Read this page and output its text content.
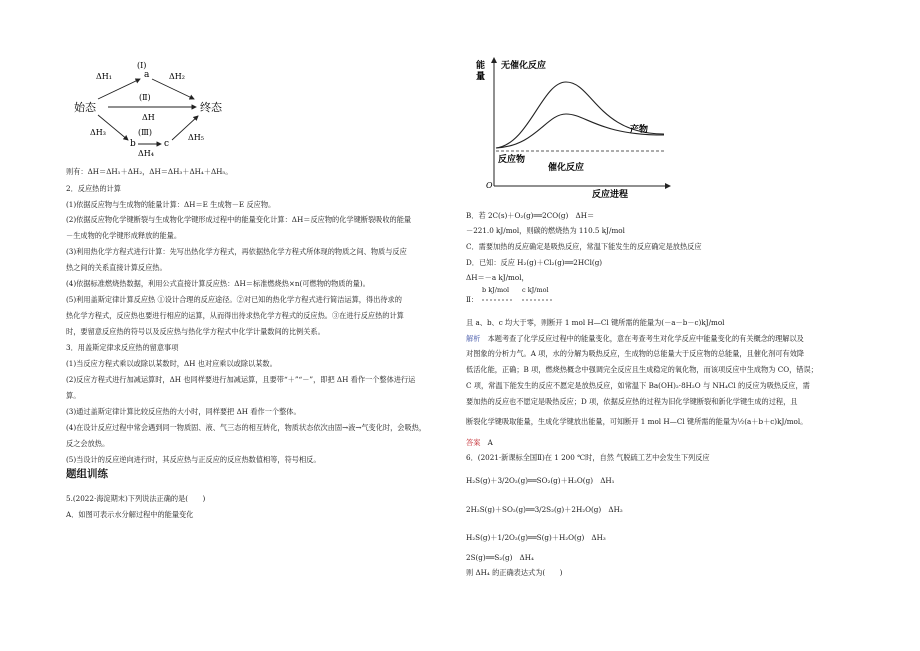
始态	终态
(Ⅰ)
a
ΔH₁	ΔH₂
(Ⅱ)
ΔH
ΔH₃	(Ⅲ)
b	c
ΔH₄
ΔH₅
则有：ΔH＝ΔH₁＋ΔH₂，ΔH＝ΔH₃＋ΔH₄＋ΔH₅。
2．反应热的计算
(1)依据反应物与生成物的能量计算：ΔH＝E 生成物－E 反应物。
(2)依据反应物化学键断裂与生成物化学键形成过程中的能量变化计算：ΔH＝反应物的化学键断裂吸收的能量
－生成物的化学键形成释放的能量。
(3)利用热化学方程式进行计算：先写出热化学方程式，再依据热化学方程式所体现的物质之间、物质与反应
热之间的关系直接计算反应热。
(4)依据标准燃烧热数据，利用公式直接计算反应热：ΔH＝标准燃烧热×n(可燃物的物质的量)。
(5)利用盖斯定律计算反应热 ①设计合理的反应途径。②对已知的热化学方程式进行简洁运算，得出待求的
热化学方程式，反应热也要进行相应的运算，从而得出待求热化学方程式的反应热。③在进行反应热的计算
时，要留意反应热的符号以及反应热与热化学方程式中化学计量数间的比例关系。
3．用盖斯定律求反应热的留意事项
(1)当反应方程式乘以或除以某数时，ΔH 也对应乘以或除以某数。
(2)反应方程式进行加减运算时，ΔH 也同样要进行加减运算，且要带“＋”“－”，即把 ΔH 看作一个整体进行运
算。
(3)通过盖斯定律计算比较反应热的大小时，同样要把 ΔH 看作一个整体。
(4)在设计反应过程中常会遇到同一物质固、液、气三态的相互转化，物质状态依次由固→液→气变化时，会吸热，
反之会放热。
(5)当设计的反应逆向进行时，其反应热与正反应的反应热数值相等，符号相反。
题组训练
5.(2022·海淀期末)下列说法正确的是(　　)
A．如图可表示水分解过程中的能量变化
能
量
无催化反应
产物
反应物
催化反应
O
反应进程
B．若 2C(s)＋O₂(g)══2CO(g)　ΔH＝
－221.0 kJ/mol，则碳的燃烧热为 110.5 kJ/mol
C．需要加热的反应确定是吸热反应，常温下能发生的反应确定是放热反应
D．已知：反应 H₂(g)＋Cl₂(g)══2HCl(g)
ΔH＝－a kJ/mol，
b kJ/mol c kJ/mol
Ⅱ：
且 a、b、c 均大于零，则断开 1 mol H—Cl 键所需的能量为(－a－b－c)kJ/mol
解析　 本题考查了化学反应过程中的能量变化，意在考查考生对化学反应中能量变化的有关概念的理解以及
对图象的分析力气。A 项，水的分解为吸热反应，生成物的总能量大于反应物的总能量，且催化剂可有效降
低活化能，正确；B 项，燃烧热概念中强调完全反应且生成稳定的氧化物，而该项反应中生成物为 CO，错误；
C 项，常温下能发生的反应不愿定是放热反应，如常温下 Ba(OH)₂·8H₂O 与 NH₄Cl 的反应为吸热反应，需
要加热的反应也不愿定是吸热反应；D 项，依据反应热的过程为旧化学键断裂和新化学键生成的过程，且
断裂化学键吸取能量，生成化学键放出能量，可知断开 1 mol H—Cl 键所需的能量为½(a＋b＋c)kJ/mol。
答案　 A
6．(2021·新课标全国Ⅱ)在 1 200 ℃时，自然 气脱硫工艺中会发生下列反应
H₂S(g)＋3/2O₂(g)══SO₂(g)＋H₂O(g)　ΔH₁
2H₂S(g)＋SO₂(g)══3/2S₂(g)＋2H₂O(g)　ΔH₂
H₂S(g)＋1/2O₂(g)══S(g)＋H₂O(g)　ΔH₃
2S(g)══S₂(g)　ΔH₄
则 ΔH₄ 的正确表达式为(　　)
